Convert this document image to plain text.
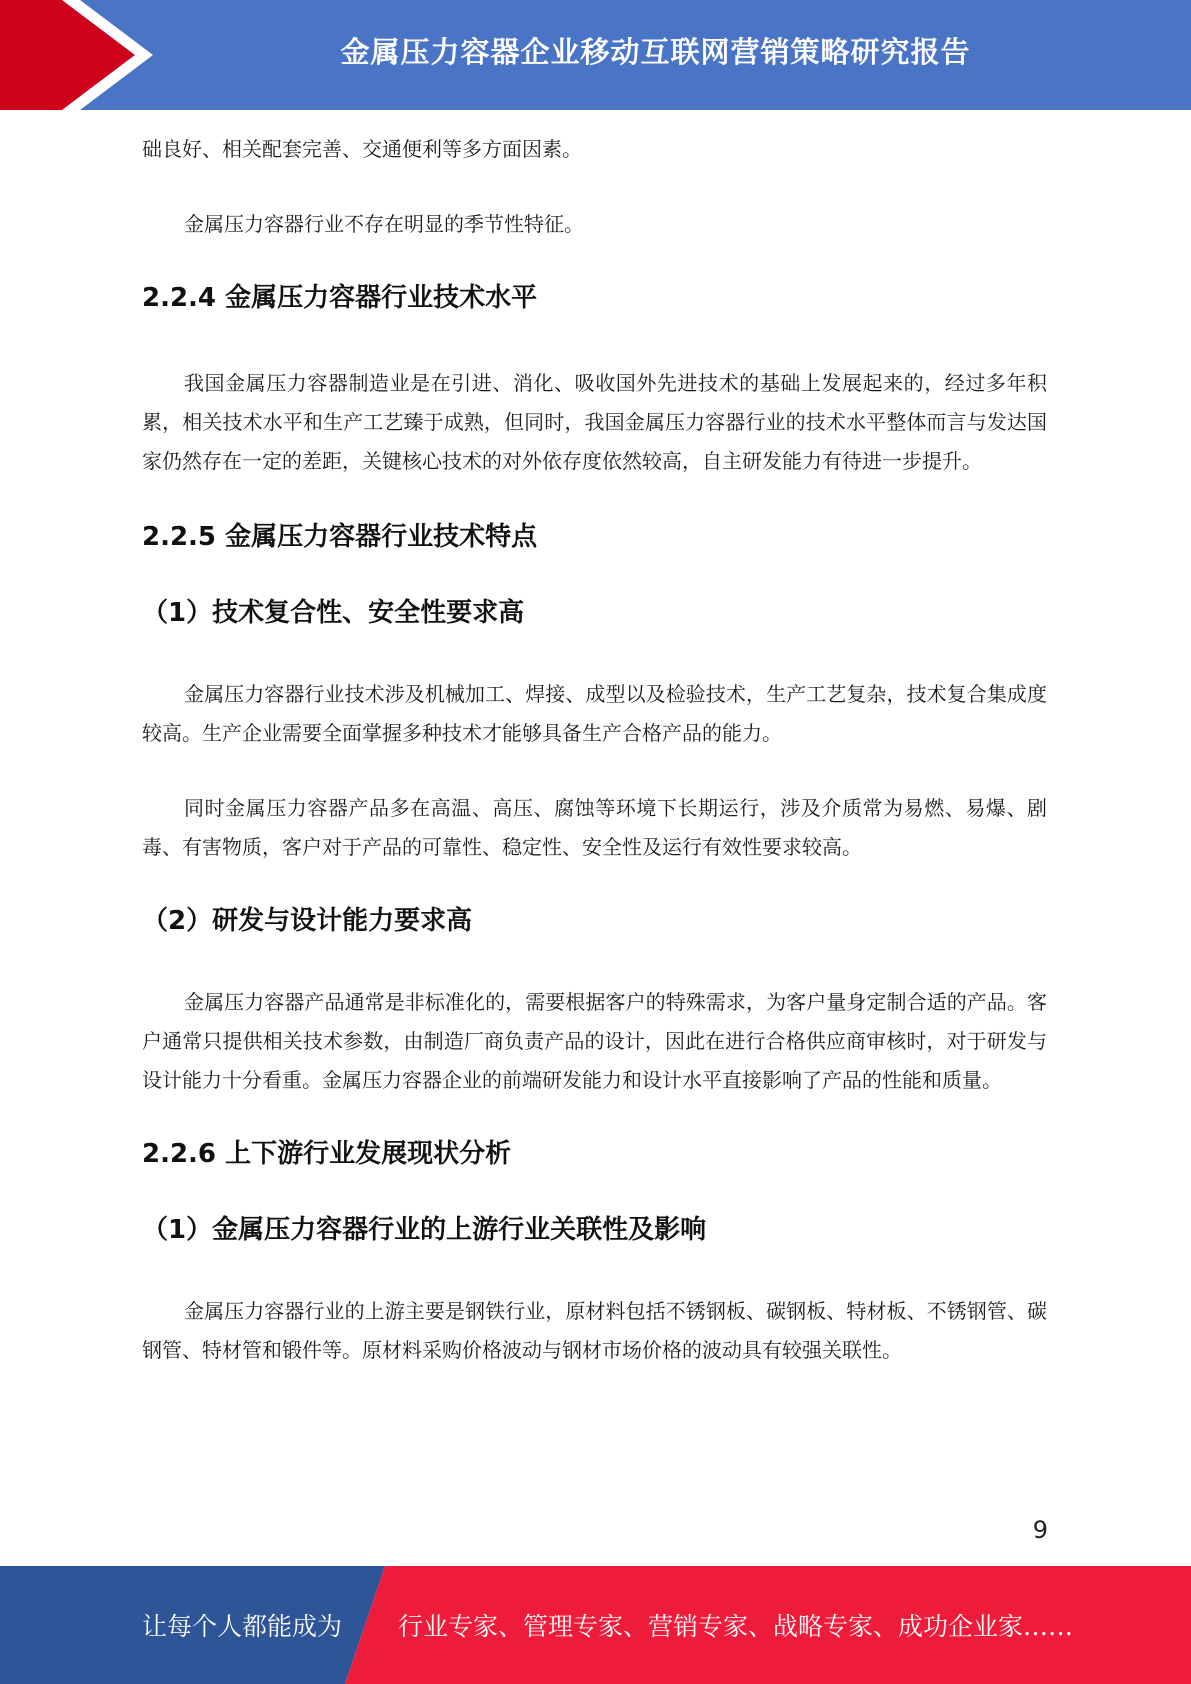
金属压力容器企业移动互联网营销策略研究报告

础良好、相关配套完善、交通便利等多方面因素。

金属压力容器行业不存在明显的季节性特征。

2.2.4 金属压力容器行业技术水平

我国金属压力容器制造业是在引进、消化、吸收国外先进技术的基础上发展起来的，经过多年积累，相关技术水平和生产工艺臻于成熟，但同时，我国金属压力容器行业的技术水平整体而言与发达国家仍然存在一定的差距，关键核心技术的对外依存度依然较高，自主研发能力有待进一步提升。

2.2.5 金属压力容器行业技术特点
（1）技术复合性、安全性要求高

金属压力容器行业技术涉及机械加工、焊接、成型以及检验技术，生产工艺复杂，技术复合集成度较高。生产企业需要全面掌握多种技术才能够具备生产合格产品的能力。

同时金属压力容器产品多在高温、高压、腐蚀等环境下长期运行，涉及介质常为易燃、易爆、剧毒、有害物质，客户对于产品的可靠性、稳定性、安全性及运行有效性要求较高。

（2）研发与设计能力要求高

金属压力容器产品通常是非标准化的，需要根据客户的特殊需求，为客户量身定制合适的产品。客户通常只提供相关技术参数，由制造厂商负责产品的设计，因此在进行合格供应商审核时，对于研发与设计能力十分看重。金属压力容器企业的前端研发能力和设计水平直接影响了产品的性能和质量。

2.2.6 上下游行业发展现状分析
（1）金属压力容器行业的上游行业关联性及影响

金属压力容器行业的上游主要是钢铁行业，原材料包括不锈钢板、碳钢板、特材板、不锈钢管、碳钢管、特材管和锻件等。原材料采购价格波动与钢材市场价格的波动具有较强关联性。

9
让每个人都能成为 行业专家、管理专家、营销专家、战略专家、成功企业家……
